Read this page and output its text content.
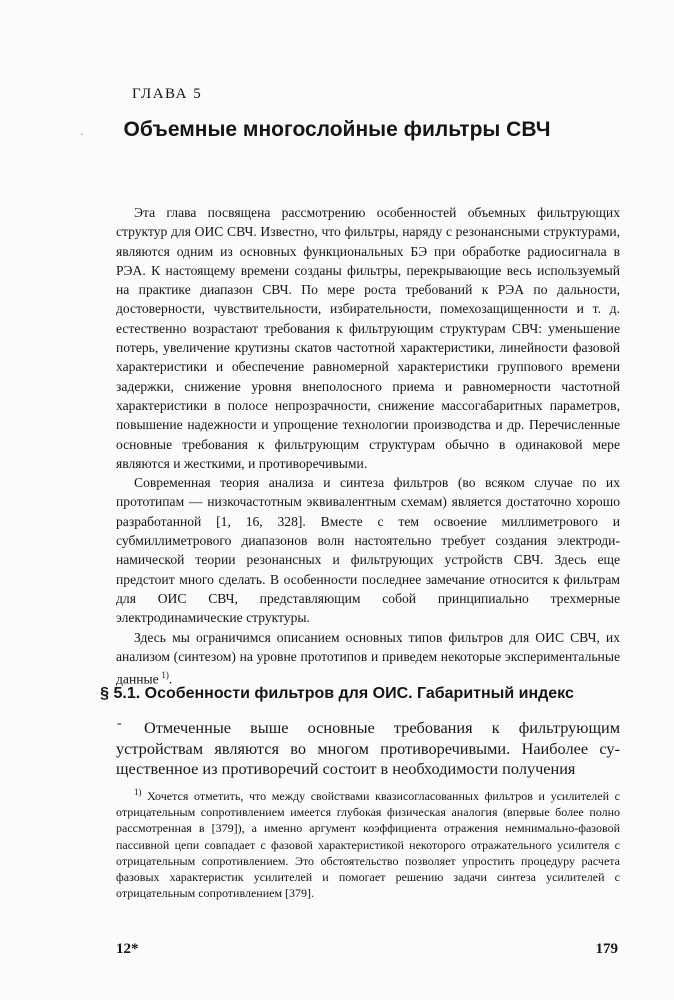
ГЛАВА 5
·	Объемные многослойные фильтры СВЧ

Эта глава посвящена рассмотрению особенностей объемных фильтрующих структур для ОИС СВЧ. Известно, что фильтры, наряду с резонансными структурами, являются одним из основных функциональных БЭ при обработке радиосигнала в РЭА. К настоящему времени созданы фильтры, перекрывающие весь используемый на практике диапазон СВЧ. По мере роста требований к РЭА по дальности, достоверности, чувствительности, избирательности, помехозащищенности и т. д. естественно возрастают требования к фильтрующим структурам СВЧ: уменьшение потерь, увеличение крутизны скатов частотной характеристики, линейности фазовой характеристики и обеспечение равномерной характеристики группового времени задержки, снижение уровня внеполосного приема и равномерности частотной характеристики в полосе непрозрачности, снижение массогабаритных параметров, повышение надежности и упрощение технологии производства и др. Перечисленные основные требования к фильтрующим структурам обычно в одинаковой мере являются и жесткими, и противоречивыми.

Современная теория анализа и синтеза фильтров (во всяком случае по их прототипам — низкочастотным эквивалентным схемам) является достаточно хорошо разработанной [1, 16, 328]. Вместе с тем освоение миллиметрового и субмиллиметрового диапазонов волн настоятельно требует создания электродинамической теории резонансных и фильтрующих устройств СВЧ. Здесь еще предстоит много сделать. В особенности последнее замечание относится к фильтрам для ОИС СВЧ, представляющим собой принципиально трехмерные электродинамические структуры.

Здесь мы ограничимся описанием основных типов фильтров для ОИС СВЧ, их анализом (синтезом) на уровне прототипов и приведем некоторые экспериментальные данные  $^{1)}$.

§ 5.1. Особенности фильтров для ОИС. Габаритный индекс
‐	Отмеченные выше основные требования к фильтрующим устройствам являются во многом противоречивыми. Наиболее существенное из противоречий состоит в необходимости получения

$^{1)}$ Хочется отметить, что между свойствами квазисогласованных фильтров и усилителей с отрицательным сопротивлением имеется глубокая физическая аналогия (впервые более полно рассмотренная в [379]), а именно аргумент коэффициента отражения немнимально-фазовой пассивной цепи совпадает с фазовой характеристикой некоторого отражательного усилителя с отрицательным сопротивлением. Это обстоятельство позволяет упростить процедуру расчета фазовых характеристик усилителей и помогает решению задачи синтеза усилителей с отрицательным сопротивлением [379].

12*	179
